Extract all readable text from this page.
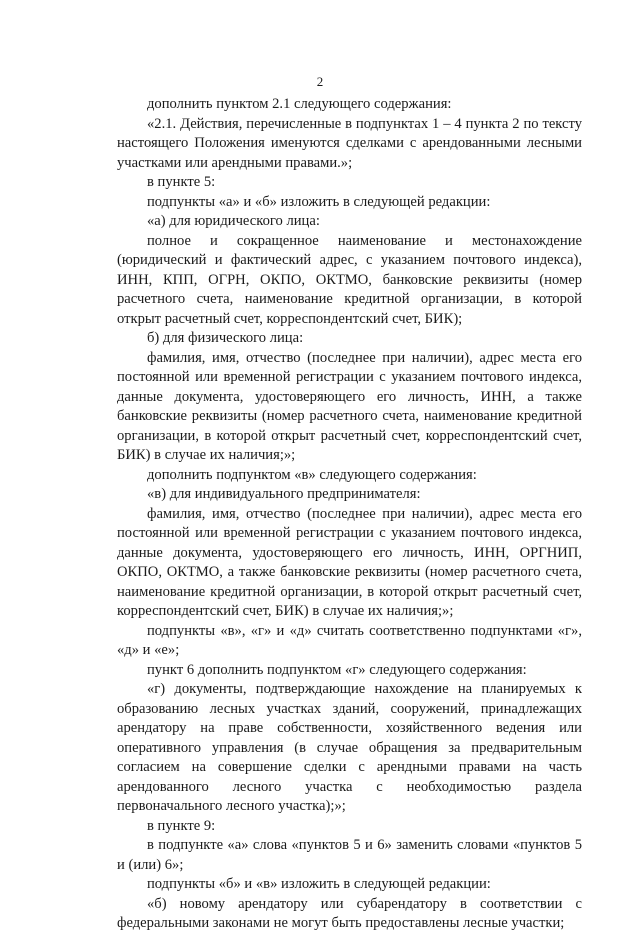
2

дополнить пунктом 2.1 следующего содержания:

«2.1. Действия, перечисленные в подпунктах 1 – 4 пункта 2 по тексту настоящего Положения именуются сделками с арендованными лесными участками или арендными правами.»;

в пункте 5:

подпункты «а» и «б» изложить в следующей редакции:

«а) для юридического лица:

полное и сокращенное наименование и местонахождение (юридический и фактический адрес, с указанием почтового индекса), ИНН, КПП, ОГРН, ОКПО, ОКТМО, банковские реквизиты (номер расчетного счета, наименование кредитной организации, в которой открыт расчетный счет, корреспондентский счет, БИК);

б) для физического лица:

фамилия, имя, отчество (последнее при наличии), адрес места его постоянной или временной регистрации с указанием почтового индекса, данные документа, удостоверяющего его личность, ИНН, а также банковские реквизиты (номер расчетного счета, наименование кредитной организации, в которой открыт расчетный счет, корреспондентский счет, БИК) в случае их наличия;»;

дополнить подпунктом «в» следующего содержания:

«в) для индивидуального предпринимателя:

фамилия, имя, отчество (последнее при наличии), адрес места его постоянной или временной регистрации с указанием почтового индекса, данные документа, удостоверяющего его личность, ИНН, ОРГНИП, ОКПО, ОКТМО, а также банковские реквизиты (номер расчетного счета, наименование кредитной организации, в которой открыт расчетный счет, корреспондентский счет, БИК) в случае их наличия;»;

подпункты «в», «г» и «д» считать соответственно подпунктами «г», «д» и «е»;

пункт 6 дополнить подпунктом «г» следующего содержания:

«г) документы, подтверждающие нахождение на планируемых к образованию лесных участках зданий, сооружений, принадлежащих арендатору на праве собственности, хозяйственного ведения или оперативного управления (в случае обращения за предварительным согласием на совершение сделки с арендными правами на часть арендованного лесного участка с необходимостью раздела первоначального лесного участка);»;

в пункте 9:

в подпункте «а» слова «пунктов 5 и 6» заменить словами «пунктов 5 и (или) 6»;

подпункты «б» и «в» изложить в следующей редакции:

«б) новому арендатору или субарендатору в соответствии с федеральными законами не могут быть предоставлены лесные участки;
